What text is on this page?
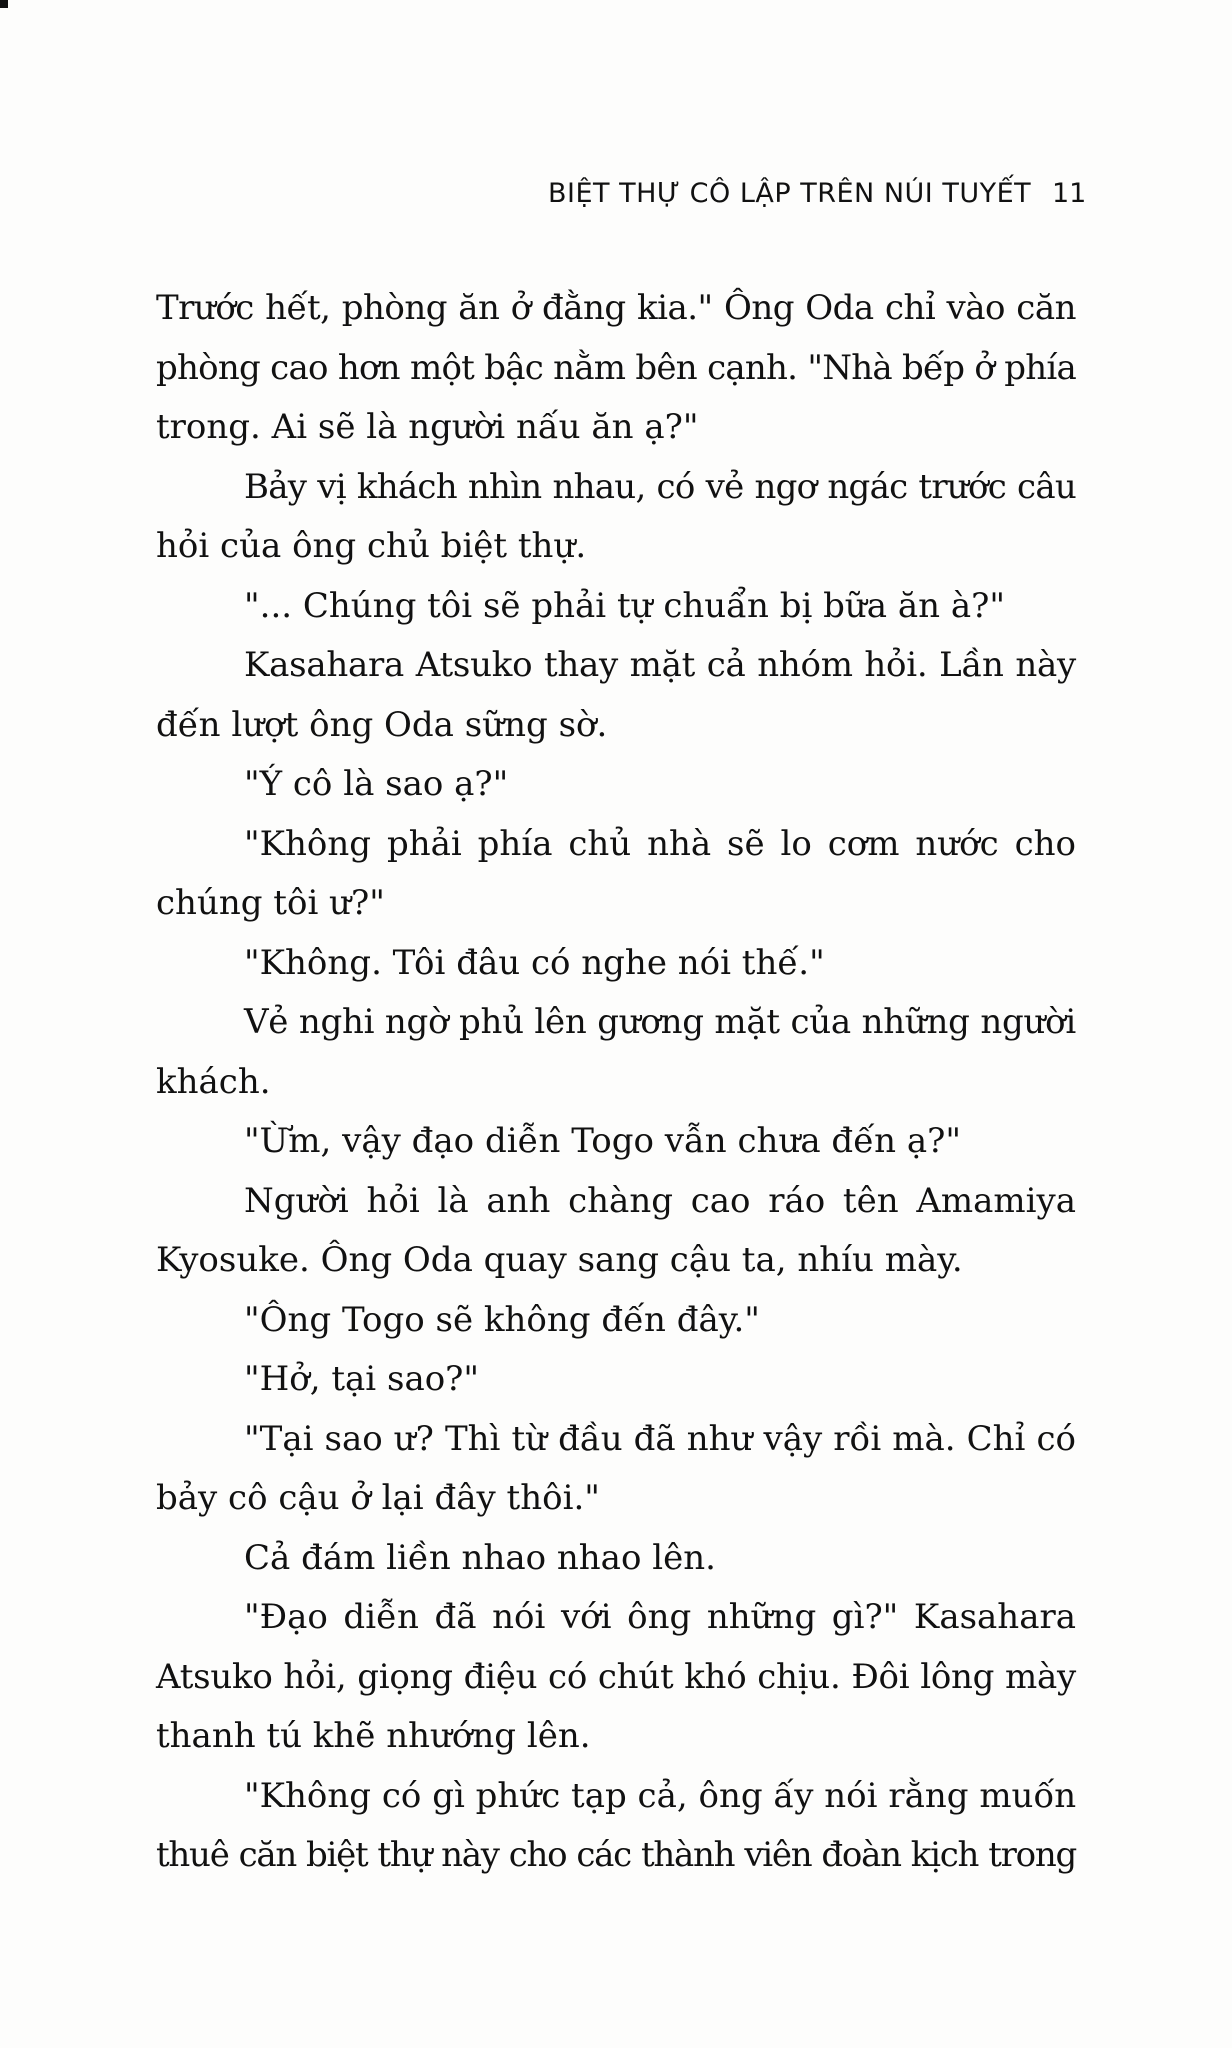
BIỆT THỰ CÔ LẬP TRÊN NÚI TUYẾT 11
Trước hết, phòng ăn ở đằng kia." Ông Oda chỉ vào căn
phòng cao hơn một bậc nằm bên cạnh. "Nhà bếp ở phía
trong. Ai sẽ là người nấu ăn ạ?"
Bảy vị khách nhìn nhau, có vẻ ngơ ngác trước câu
hỏi của ông chủ biệt thự.
"... Chúng tôi sẽ phải tự chuẩn bị bữa ăn à?"
Kasahara Atsuko thay mặt cả nhóm hỏi. Lần này
đến lượt ông Oda sững sờ.
"Ý cô là sao ạ?"
"Không phải phía chủ nhà sẽ lo cơm nước cho
chúng tôi ư?"
"Không. Tôi đâu có nghe nói thế."
Vẻ nghi ngờ phủ lên gương mặt của những người
khách.
"Ừm, vậy đạo diễn Togo vẫn chưa đến ạ?"
Người hỏi là anh chàng cao ráo tên Amamiya
Kyosuke. Ông Oda quay sang cậu ta, nhíu mày.
"Ông Togo sẽ không đến đây."
"Hở, tại sao?"
"Tại sao ư? Thì từ đầu đã như vậy rồi mà. Chỉ có
bảy cô cậu ở lại đây thôi."
Cả đám liền nhao nhao lên.
"Đạo diễn đã nói với ông những gì?" Kasahara
Atsuko hỏi, giọng điệu có chút khó chịu. Đôi lông mày
thanh tú khẽ nhướng lên.
"Không có gì phức tạp cả, ông ấy nói rằng muốn
thuê căn biệt thự này cho các thành viên đoàn kịch trong
